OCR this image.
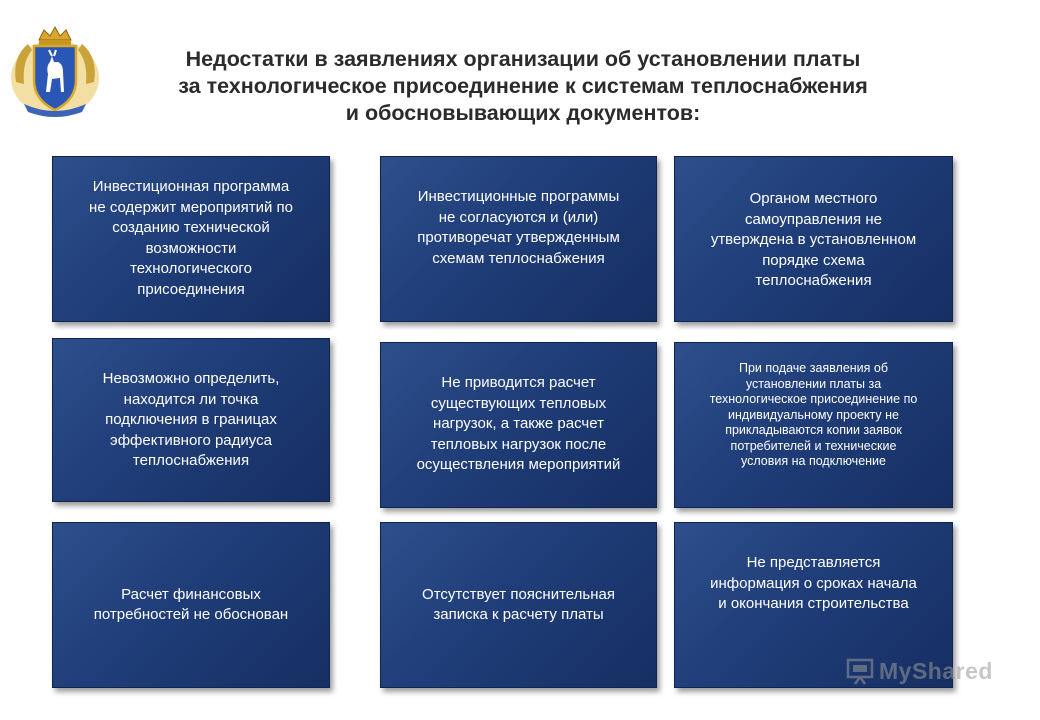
Недостатки в заявлениях организации об установлении платы
за технологическое присоединение к системам теплоснабжения
и обосновывающих документов:
Инвестиционная программа
не содержит мероприятий по
созданию технической
возможности
технологического
присоединения
Инвестиционные программы
не согласуются и (или)
противоречат утвержденным
схемам теплоснабжения
Органом местного
самоуправления не
утверждена в установленном
порядке схема
теплоснабжения
Невозможно определить,
находится ли точка
подключения в границах
эффективного радиуса
теплоснабжения
Не приводится расчет
существующих тепловых
нагрузок, а также расчет
тепловых нагрузок после
осуществления мероприятий
При подаче заявления об
установлении платы за
технологическое присоединение по
индивидуальному проекту не
прикладываются копии заявок
потребителей и технические
условия на подключение
Расчет финансовых
потребностей не обоснован
Отсутствует пояснительная
записка к расчету платы
Не представляется
информация о сроках начала
и окончания строительства
MyShared
